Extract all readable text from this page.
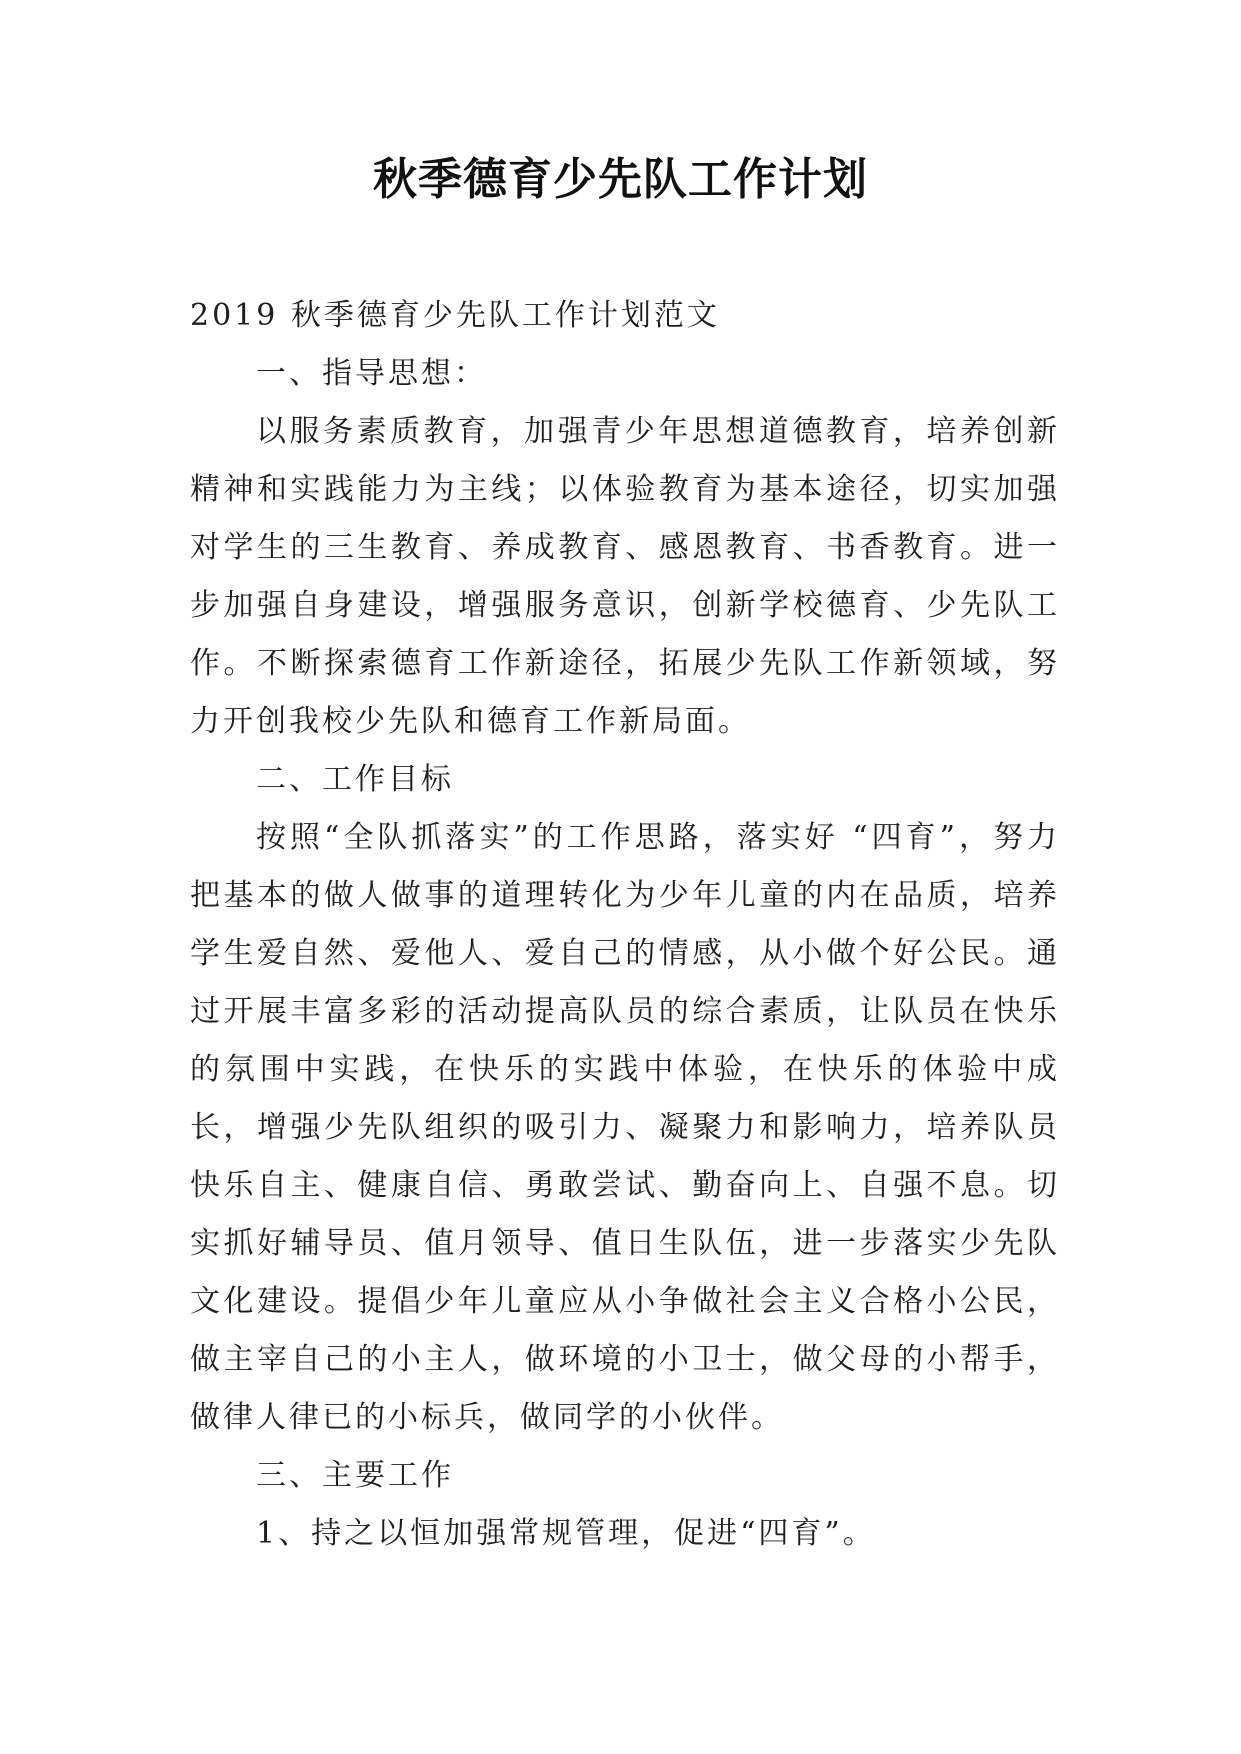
秋季德育少先队工作计划

2019 秋季德育少先队工作计划范文

一、指导思想：

以服务素质教育，加强青少年思想道德教育，培养创新精神和实践能力为主线；以体验教育为基本途径，切实加强对学生的三生教育、养成教育、感恩教育、书香教育。进一步加强自身建设，增强服务意识，创新学校德育、少先队工作。不断探索德育工作新途径，拓展少先队工作新领域，努力开创我校少先队和德育工作新局面。

二、工作目标

按照“全队抓落实”的工作思路，落实好 “四育”，努力把基本的做人做事的道理转化为少年儿童的内在品质，培养学生爱自然、爱他人、爱自己的情感，从小做个好公民。通过开展丰富多彩的活动提高队员的综合素质，让队员在快乐的氛围中实践，在快乐的实践中体验，在快乐的体验中成长，增强少先队组织的吸引力、凝聚力和影响力，培养队员快乐自主、健康自信、勇敢尝试、勤奋向上、自强不息。切实抓好辅导员、值月领导、值日生队伍，进一步落实少先队文化建设。提倡少年儿童应从小争做社会主义合格小公民，做主宰自己的小主人，做环境的小卫士，做父母的小帮手，做律人律已的小标兵，做同学的小伙伴。

三、主要工作

1、持之以恒加强常规管理，促进“四育”。
